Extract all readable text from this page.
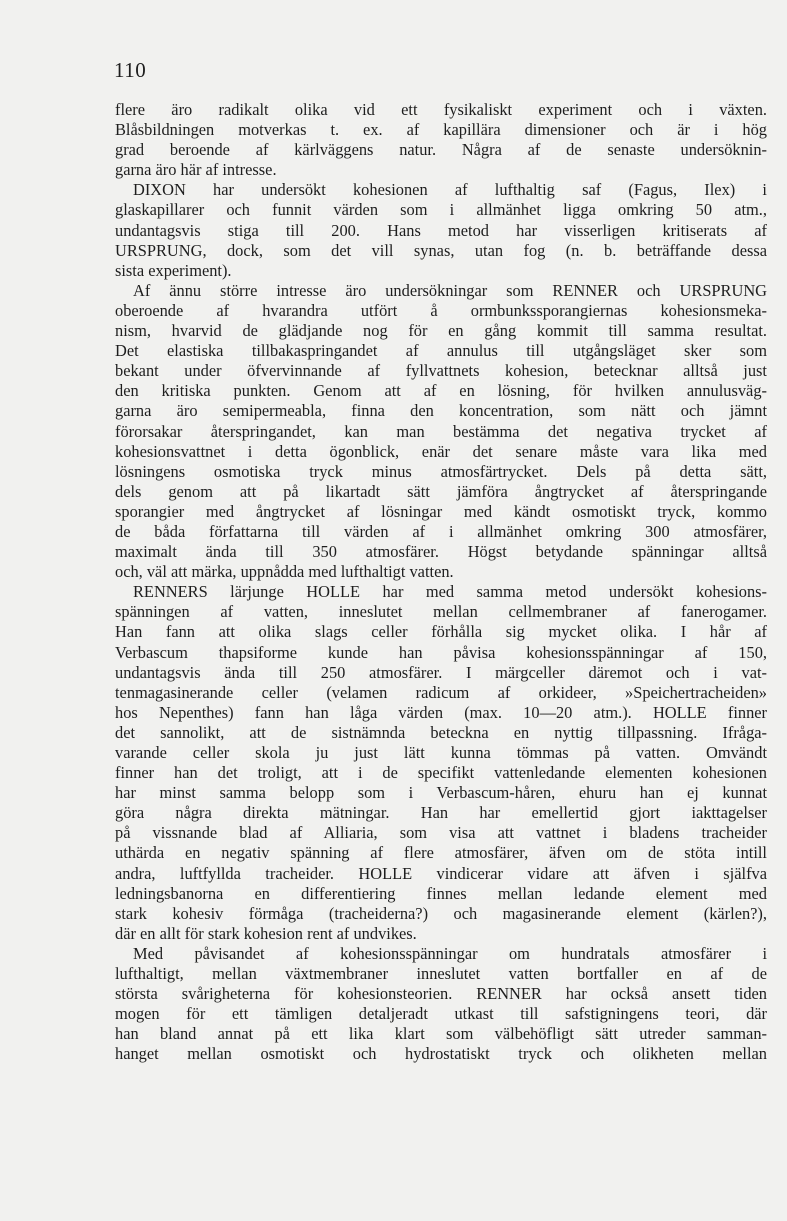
110
flere äro radikalt olika vid ett fysikaliskt experiment och i växten.
Blåsbildningen motverkas t. ex. af kapillära dimensioner och är i hög
grad beroende af kärlväggens natur. Några af de senaste undersöknin-
garna äro här af intresse.
DIXON har undersökt kohesionen af lufthaltig saf (Fagus, Ilex) i
glaskapillarer och funnit värden som i allmänhet ligga omkring 50 atm.,
undantagsvis stiga till 200. Hans metod har visserligen kritiserats af
URSPRUNG, dock, som det vill synas, utan fog (n. b. beträffande dessa
sista experiment).
Af ännu större intresse äro undersökningar som RENNER och URSPRUNG
oberoende af hvarandra utfört å ormbunkssporangiernas kohesionsmeka-
nism, hvarvid de glädjande nog för en gång kommit till samma resultat.
Det elastiska tillbakaspringandet af annulus till utgångsläget sker som
bekant under öfvervinnande af fyllvattnets kohesion, betecknar alltså just
den kritiska punkten. Genom att af en lösning, för hvilken annulusväg-
garna äro semipermeabla, finna den koncentration, som nätt och jämnt
förorsakar återspringandet, kan man bestämma det negativa trycket af
kohesionsvattnet i detta ögonblick, enär det senare måste vara lika med
lösningens osmotiska tryck minus atmosfärtrycket. Dels på detta sätt,
dels genom att på likartadt sätt jämföra ångtrycket af återspringande
sporangier med ångtrycket af lösningar med kändt osmotiskt tryck, kommo
de båda författarna till värden af i allmänhet omkring 300 atmosfärer,
maximalt ända till 350 atmosfärer. Högst betydande spänningar alltså
och, väl att märka, uppnådda med lufthaltigt vatten.
RENNERS lärjunge HOLLE har med samma metod undersökt kohesions-
spänningen af vatten, inneslutet mellan cellmembraner af fanerogamer.
Han fann att olika slags celler förhålla sig mycket olika. I hår af
Verbascum thapsiforme kunde han påvisa kohesionsspänningar af 150,
undantagsvis ända till 250 atmosfärer. I märgceller däremot och i vat-
tenmagasinerande celler (velamen radicum af orkideer, »Speichertracheiden»
hos Nepenthes) fann han låga värden (max. 10—20 atm.). HOLLE finner
det sannolikt, att de sistnämnda beteckna en nyttig tillpassning. Ifråga-
varande celler skola ju just lätt kunna tömmas på vatten. Omvändt
finner han det troligt, att i de specifikt vattenledande elementen kohesionen
har minst samma belopp som i Verbascum-håren, ehuru han ej kunnat
göra några direkta mätningar. Han har emellertid gjort iakttagelser
på vissnande blad af Alliaria, som visa att vattnet i bladens tracheider
uthärda en negativ spänning af flere atmosfärer, äfven om de stöta intill
andra, luftfyllda tracheider. HOLLE vindicerar vidare att äfven i själfva
ledningsbanorna en differentiering finnes mellan ledande element med
stark kohesiv förmåga (tracheiderna?) och magasinerande element (kärlen?),
där en allt för stark kohesion rent af undvikes.
Med påvisandet af kohesionsspänningar om hundratals atmosfärer i
lufthaltigt, mellan växtmembraner inneslutet vatten bortfaller en af de
största svårigheterna för kohesionsteorien. RENNER har också ansett tiden
mogen för ett tämligen detaljeradt utkast till safstigningens teori, där
han bland annat på ett lika klart som välbehöfligt sätt utreder samman-
hanget mellan osmotiskt och hydrostatiskt tryck och olikheten mellan
